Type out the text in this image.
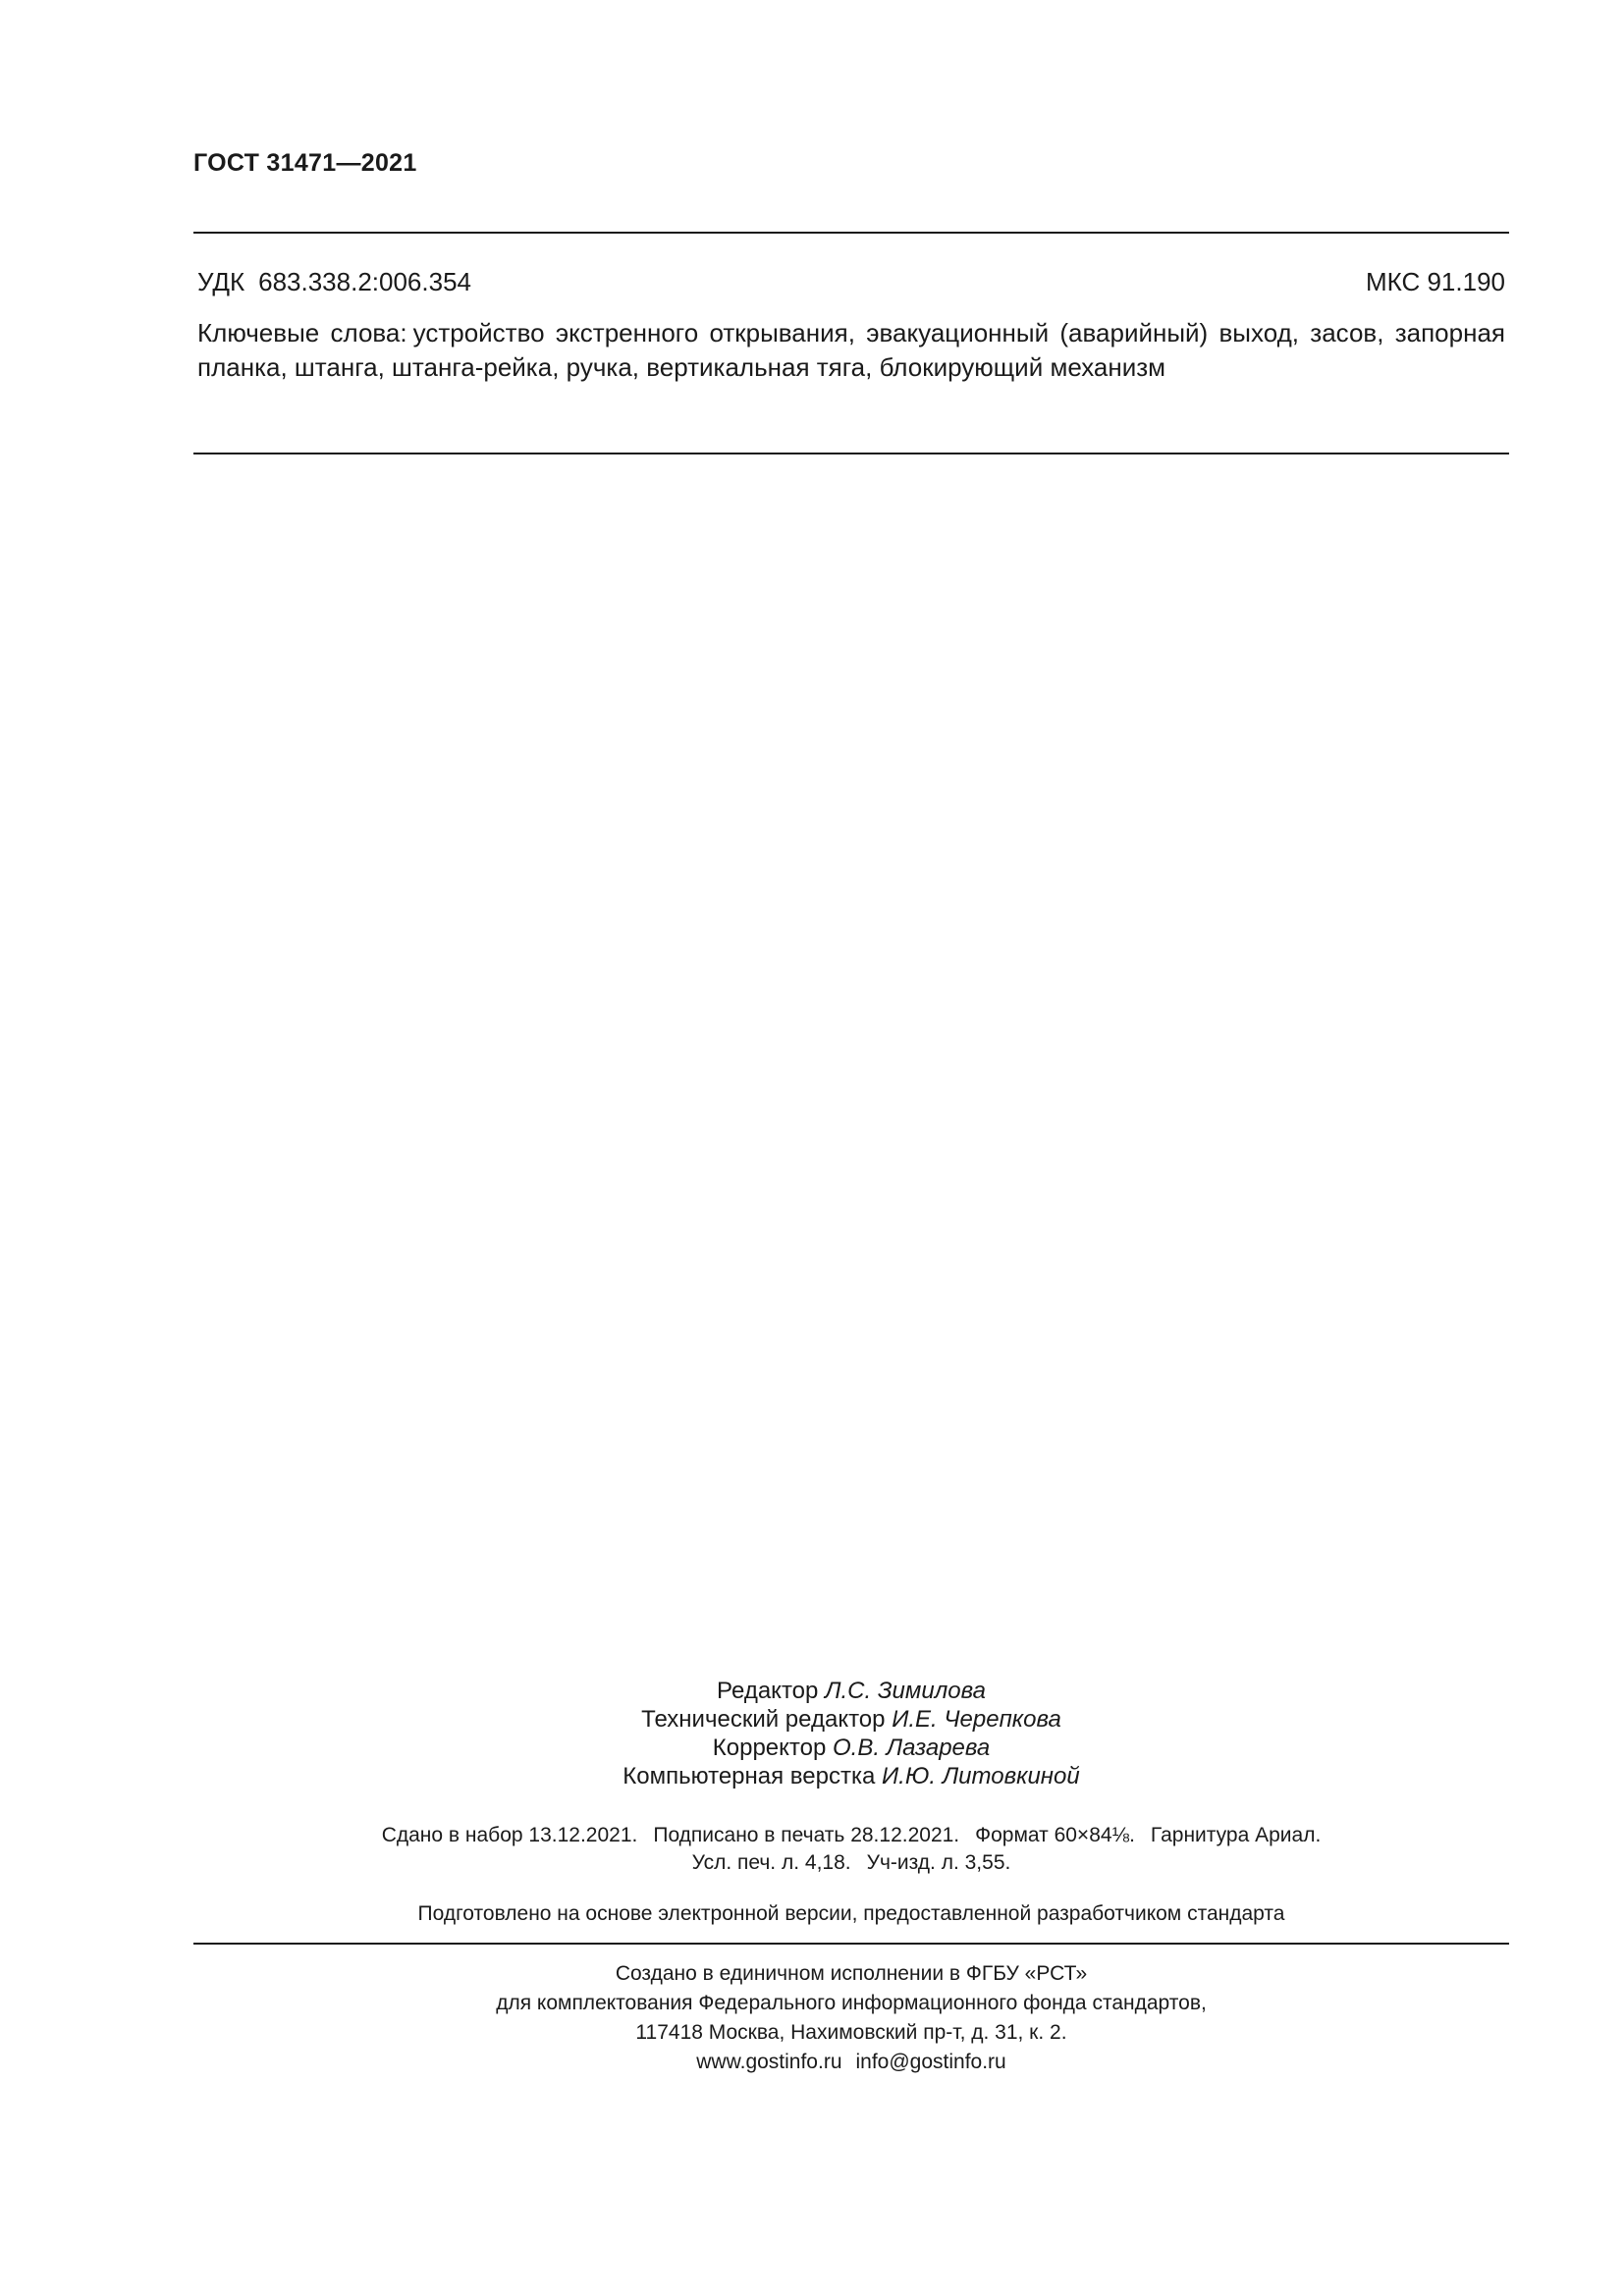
ГОСТ 31471—2021
УДК 683.338.2:006.354	МКС 91.190
Ключевые слова: устройство экстренного открывания, эвакуационный (аварийный) выход, засов, запорная планка, штанга, штанга-рейка, ручка, вертикальная тяга, блокирующий механизм
Редактор Л.С. Зимилова
Технический редактор И.Е. Черепкова
Корректор О.В. Лазарева
Компьютерная верстка И.Ю. Литовкиной
Сдано в набор 13.12.2021. Подписано в печать 28.12.2021. Формат 60×84⅛. Гарнитура Ариал.
Усл. печ. л. 4,18. Уч-изд. л. 3,55.
Подготовлено на основе электронной версии, предоставленной разработчиком стандарта
Создано в единичном исполнении в ФГБУ «РСТ»
для комплектования Федерального информационного фонда стандартов,
117418 Москва, Нахимовский пр-т, д. 31, к. 2.
www.gostinfo.ru info@gostinfo.ru
